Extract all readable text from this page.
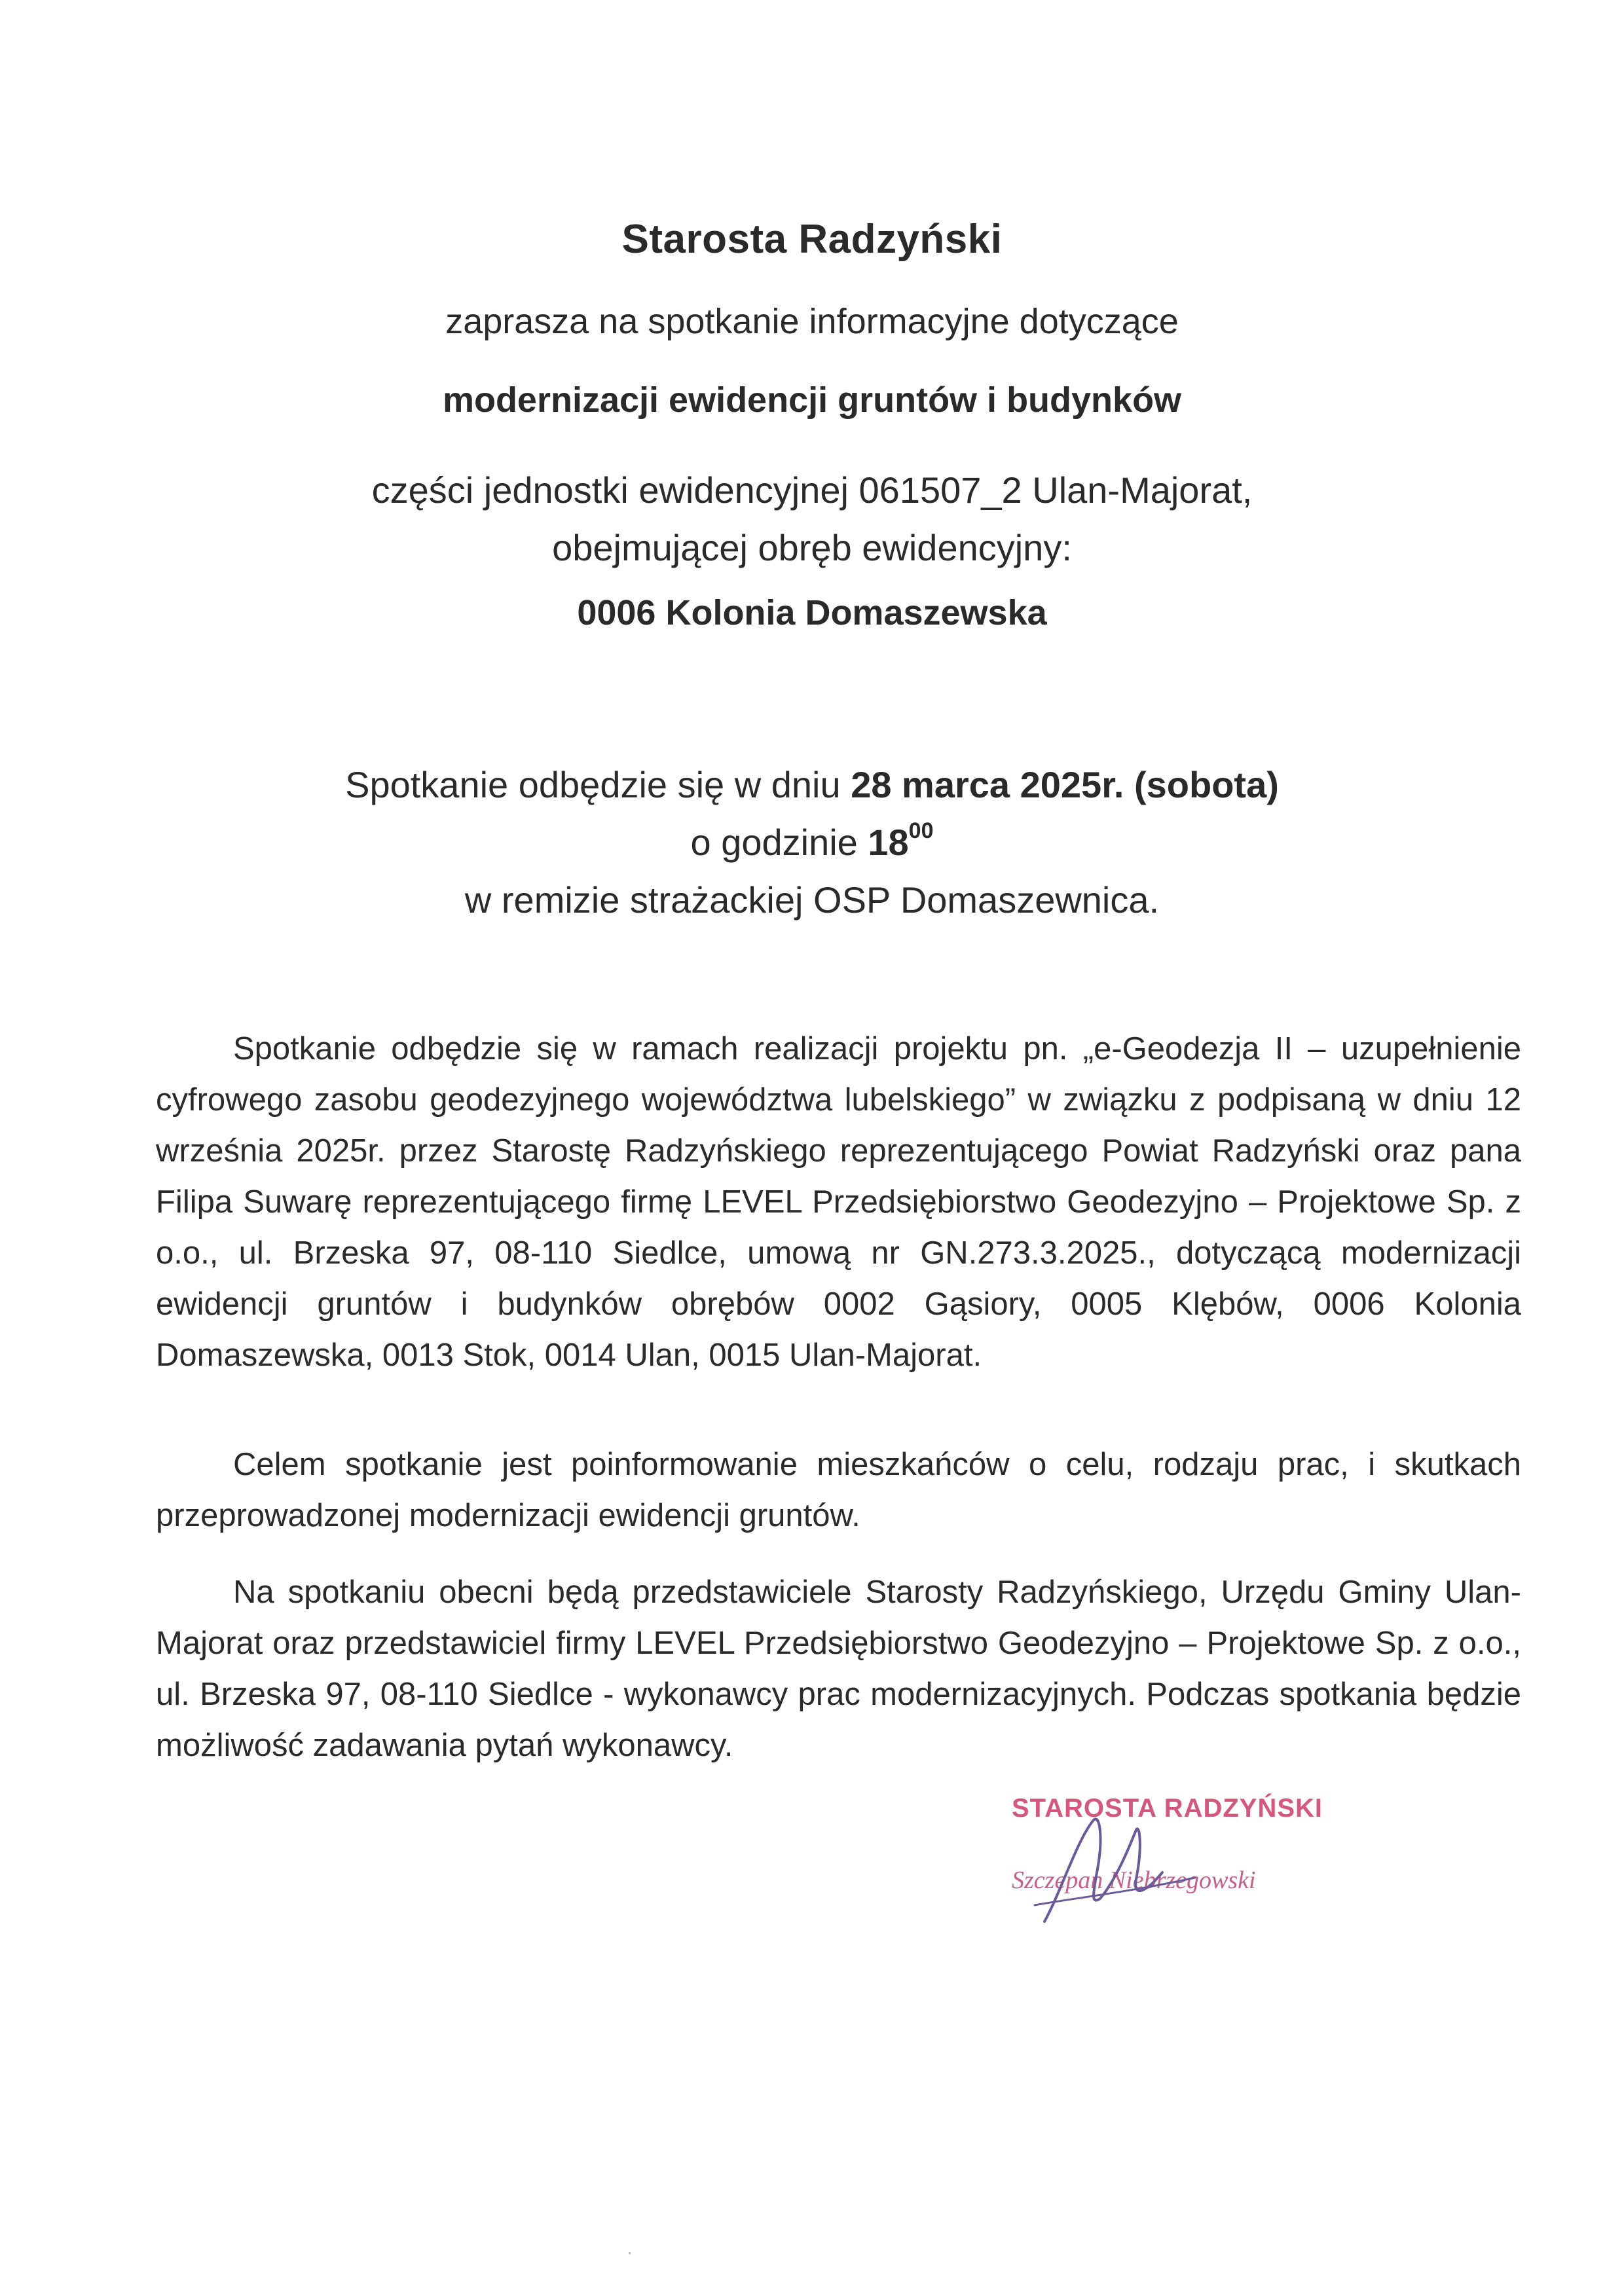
Starosta Radzyński
zaprasza na spotkanie informacyjne dotyczące
modernizacji ewidencji gruntów i budynków
części jednostki ewidencyjnej 061507_2 Ulan-Majorat,
obejmującej obręb ewidencyjny:
0006 Kolonia Domaszewska
Spotkanie odbędzie się w dniu 28 marca 2025r. (sobota)
o godzinie $18^{00}$
w remizie strażackiej OSP Domaszewnica.

Spotkanie odbędzie się w ramach realizacji projektu pn. „e-Geodezja II – uzupełnienie cyfrowego zasobu geodezyjnego województwa lubelskiego” w związku z podpisaną w dniu 12 września 2025r. przez Starostę Radzyńskiego reprezentującego Powiat Radzyński oraz pana Filipa Suwarę reprezentującego firmę LEVEL Przedsiębiorstwo Geodezyjno – Projektowe Sp. z o.o., ul. Brzeska 97, 08-110 Siedlce, umową nr GN.273.3.2025., dotyczącą modernizacji ewidencji gruntów i budynków obrębów 0002 Gąsiory, 0005 Klębów, 0006 Kolonia Domaszewska, 0013 Stok, 0014 Ulan, 0015 Ulan-Majorat.

Celem spotkanie jest poinformowanie mieszkańców o celu, rodzaju prac, i skutkach przeprowadzonej modernizacji ewidencji gruntów.

Na spotkaniu obecni będą przedstawiciele Starosty Radzyńskiego, Urzędu Gminy Ulan-Majorat oraz przedstawiciel firmy LEVEL Przedsiębiorstwo Geodezyjno – Projektowe Sp. z o.o., ul. Brzeska 97, 08-110 Siedlce - wykonawcy prac modernizacyjnych. Podczas spotkania będzie możliwość zadawania pytań wykonawcy.

STAROSTA RADZYŃSKI
Szczepan Niebrzegowski
